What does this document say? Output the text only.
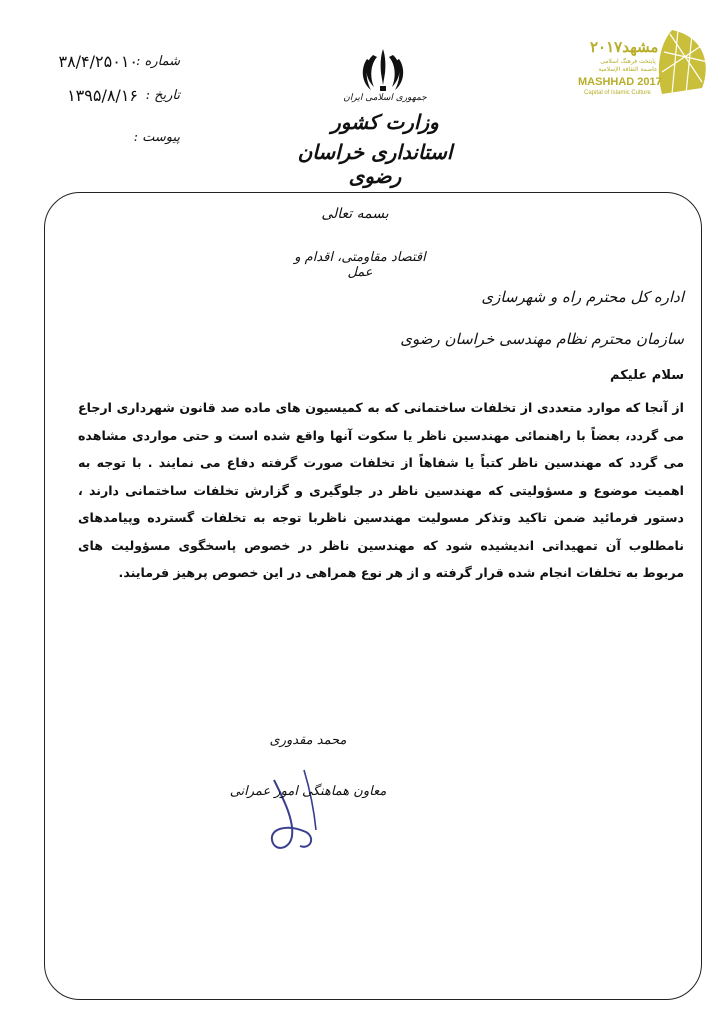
شماره :
۳۸/۴/۲۵۰۱۰
تاریخ :
۱۳۹۵/۸/۱۶
پیوست :
جمهوری اسلامی ایران
وزارت کشور
استانداری خراسان رضوی
مشهد۲۰۱۷
پایتخت فرهنگ اسلامی
عاصمة الثقافة الإسلامية
MASHHAD 2017
Capital of Islamic Culture
بسمه تعالی
اقتصاد مقاومتی، اقدام و عمل
اداره کل محترم راه و شهرسازی
سازمان محترم نظام مهندسی خراسان رضوی
سلام علیکم
از آنجا که موارد متعددی از تخلفات ساختمانی که به کمیسیون های ماده صد قانون شهرداری ارجاع می گردد، بعضاً با راهنمائی مهندسین ناظر یا سکوت آنها واقع شده است و حتی مواردی مشاهده می گردد که مهندسین ناظر کتباً یا شفاهاً از تخلفات صورت گرفته دفاع می نمایند . با توجه به اهمیت موضوع و مسؤولیتی که مهندسین ناظر در جلوگیری و گزارش تخلفات ساختمانی دارند ، دستور فرمائید ضمن تاکید وتذکر مسولیت مهندسین ناظربا توجه به تخلفات گسترده وپیامدهای نامطلوب آن تمهیداتی اندیشیده شود که مهندسین ناظر در خصوص پاسخگوی مسؤولیت های مربوط به تخلفات انجام شده قرار گرفته و از هر نوع همراهی در این خصوص پرهیز فرمایند.
محمد مقدوری
معاون هماهنگی امور عمرانی
